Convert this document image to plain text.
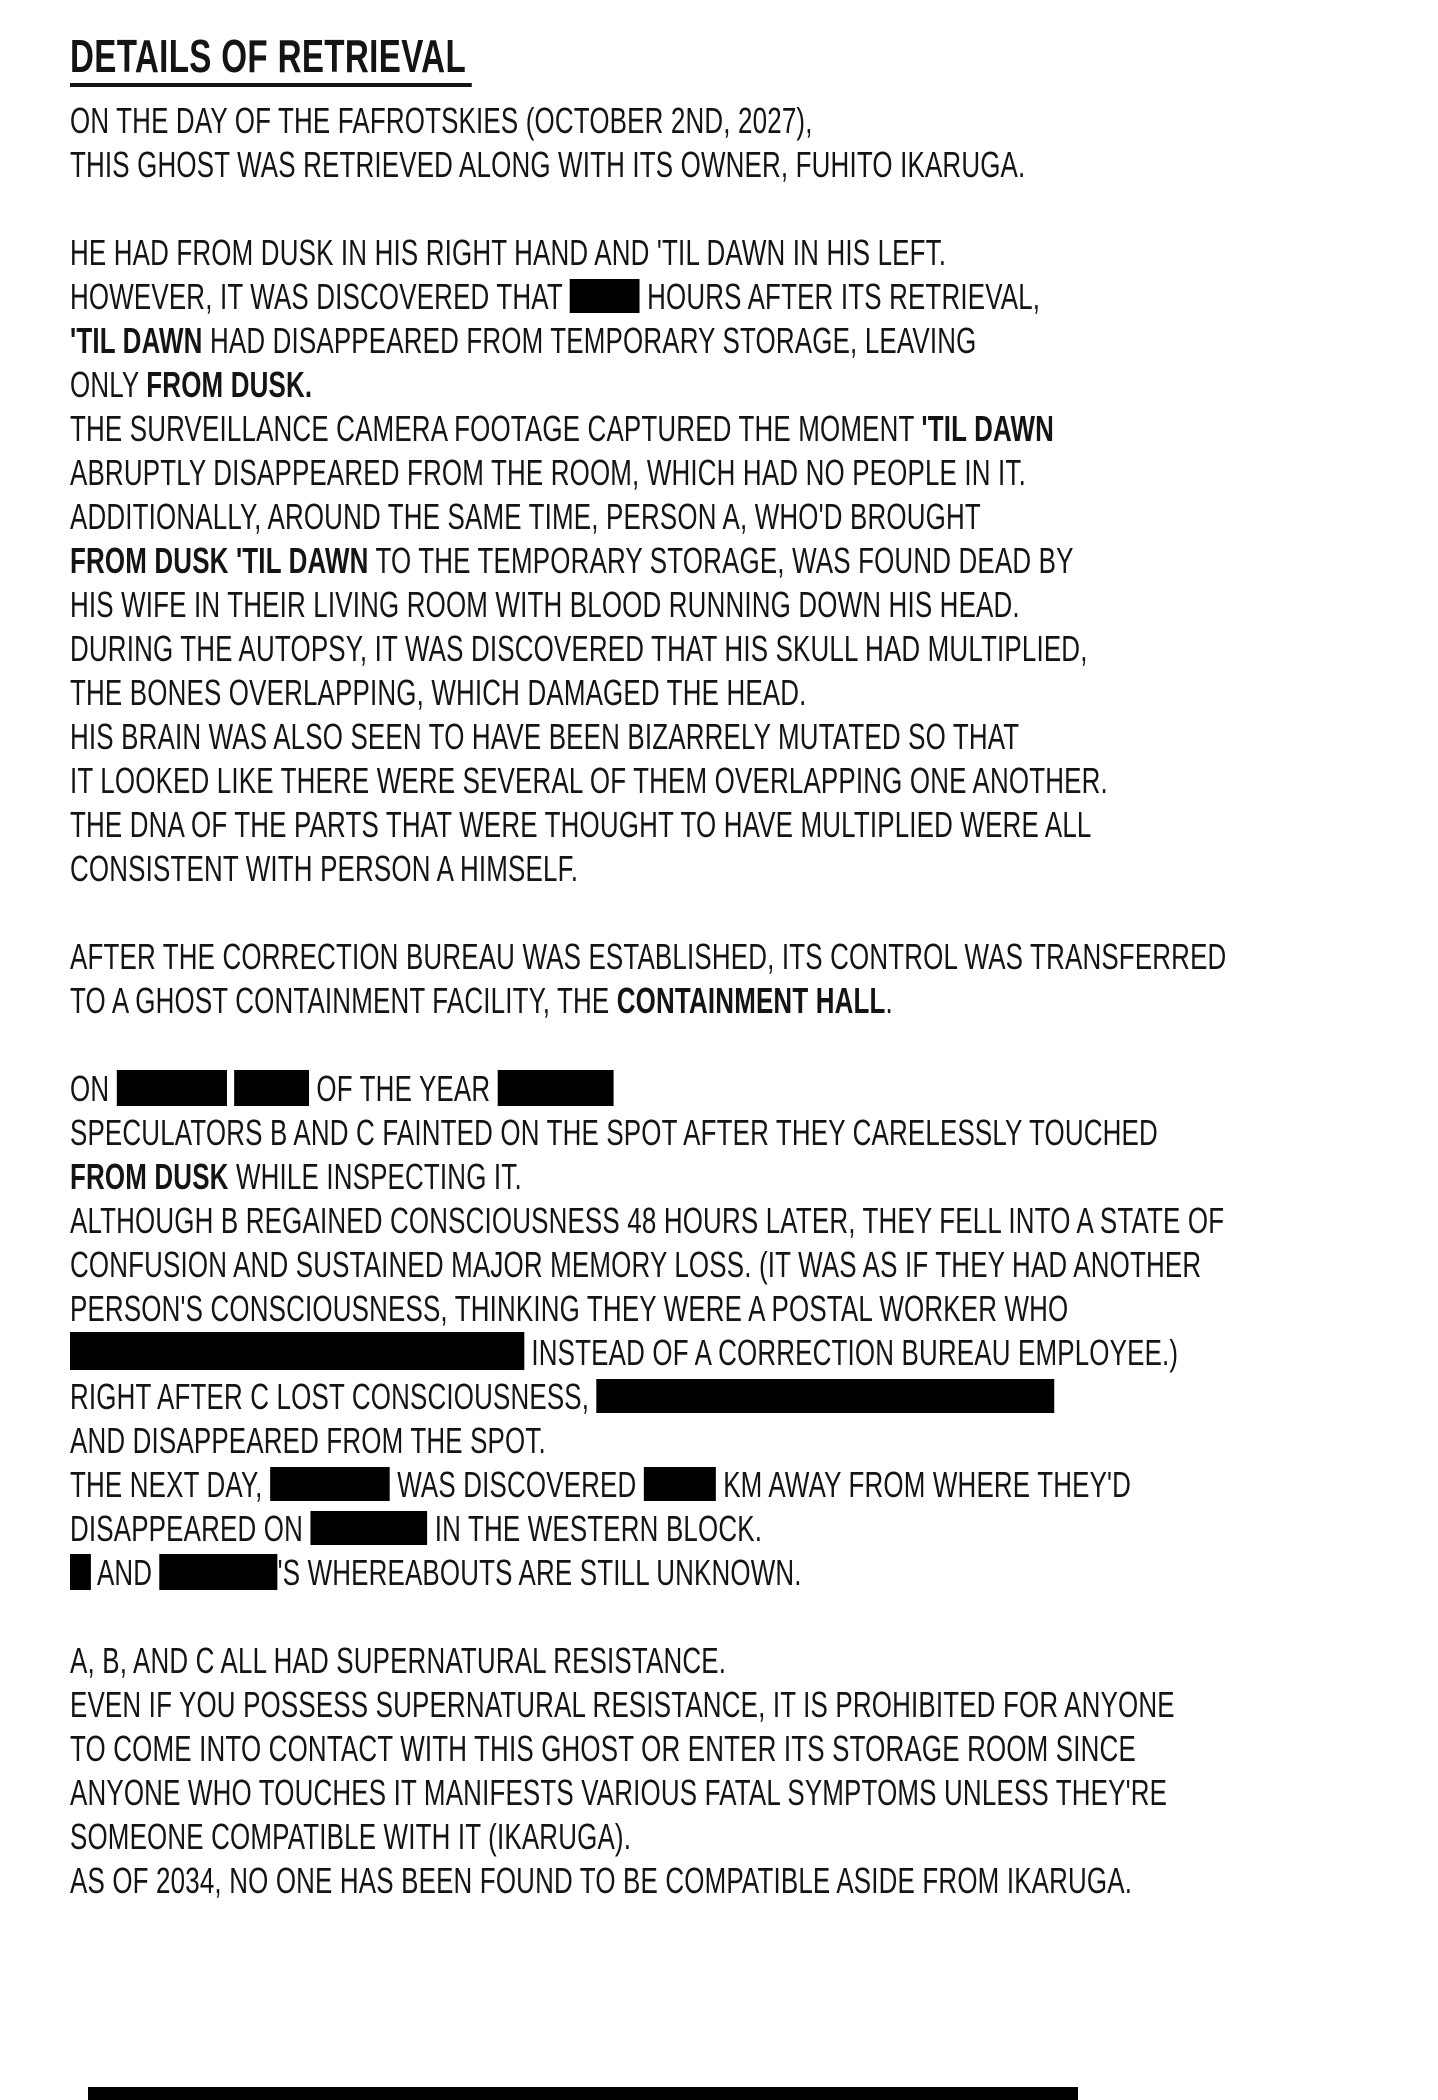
DETAILS OF RETRIEVAL
ON THE DAY OF THE FAFROTSKIES (OCTOBER 2ND, 2027),
THIS GHOST WAS RETRIEVED ALONG WITH ITS OWNER, FUHITO IKARUGA.
HE HAD FROM DUSK IN HIS RIGHT HAND AND 'TIL DAWN IN HIS LEFT.
HOWEVER, IT WAS DISCOVERED THAT  HOURS AFTER ITS RETRIEVAL,
'TIL DAWN HAD DISAPPEARED FROM TEMPORARY STORAGE, LEAVING
ONLY FROM DUSK.
THE SURVEILLANCE CAMERA FOOTAGE CAPTURED THE MOMENT 'TIL DAWN
ABRUPTLY DISAPPEARED FROM THE ROOM, WHICH HAD NO PEOPLE IN IT.
ADDITIONALLY, AROUND THE SAME TIME, PERSON A, WHO'D BROUGHT
FROM DUSK 'TIL DAWN TO THE TEMPORARY STORAGE, WAS FOUND DEAD BY
HIS WIFE IN THEIR LIVING ROOM WITH BLOOD RUNNING DOWN HIS HEAD.
DURING THE AUTOPSY, IT WAS DISCOVERED THAT HIS SKULL HAD MULTIPLIED,
THE BONES OVERLAPPING, WHICH DAMAGED THE HEAD.
HIS BRAIN WAS ALSO SEEN TO HAVE BEEN BIZARRELY MUTATED SO THAT
IT LOOKED LIKE THERE WERE SEVERAL OF THEM OVERLAPPING ONE ANOTHER.
THE DNA OF THE PARTS THAT WERE THOUGHT TO HAVE MULTIPLIED WERE ALL
CONSISTENT WITH PERSON A HIMSELF.
AFTER THE CORRECTION BUREAU WAS ESTABLISHED, ITS CONTROL WAS TRANSFERRED
TO A GHOST CONTAINMENT FACILITY, THE CONTAINMENT HALL.
ON	OF THE YEAR
SPECULATORS B AND C FAINTED ON THE SPOT AFTER THEY CARELESSLY TOUCHED
FROM DUSK WHILE INSPECTING IT.
ALTHOUGH B REGAINED CONSCIOUSNESS 48 HOURS LATER, THEY FELL INTO A STATE OF
CONFUSION AND SUSTAINED MAJOR MEMORY LOSS. (IT WAS AS IF THEY HAD ANOTHER
PERSON'S CONSCIOUSNESS, THINKING THEY WERE A POSTAL WORKER WHO
INSTEAD OF A CORRECTION BUREAU EMPLOYEE.)
RIGHT AFTER C LOST CONSCIOUSNESS,
AND DISAPPEARED FROM THE SPOT.
THE NEXT DAY,	WAS DISCOVERED  KM AWAY FROM WHERE THEY'D
DISAPPEARED ON	IN THE WESTERN BLOCK.
AND	'S WHEREABOUTS ARE STILL UNKNOWN.
A, B, AND C ALL HAD SUPERNATURAL RESISTANCE.
EVEN IF YOU POSSESS SUPERNATURAL RESISTANCE, IT IS PROHIBITED FOR ANYONE
TO COME INTO CONTACT WITH THIS GHOST OR ENTER ITS STORAGE ROOM SINCE
ANYONE WHO TOUCHES IT MANIFESTS VARIOUS FATAL SYMPTOMS UNLESS THEY'RE
SOMEONE COMPATIBLE WITH IT (IKARUGA).
AS OF 2034, NO ONE HAS BEEN FOUND TO BE COMPATIBLE ASIDE FROM IKARUGA.
